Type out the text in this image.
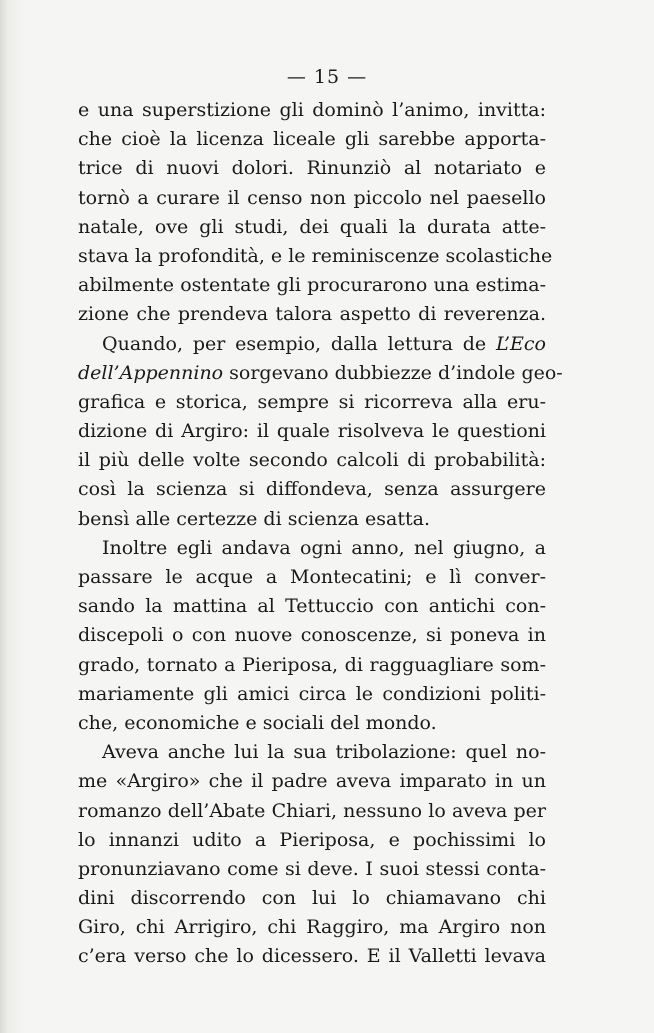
— 15 —
e una superstizione gli dominò l’animo, invitta:
che cioè la licenza liceale gli sarebbe apporta-
trice di nuovi dolori. Rinunziò al notariato e
tornò a curare il censo non piccolo nel paesello
natale, ove gli studi, dei quali la durata atte-
stava la profondità, e le reminiscenze scolastiche
abilmente ostentate gli procurarono una estima-
zione che prendeva talora aspetto di reverenza.
Quando, per esempio, dalla lettura de L’Eco
dell’Appennino sorgevano dubbiezze d’indole geo-
grafica e storica, sempre si ricorreva alla eru-
dizione di Argiro: il quale risolveva le questioni
il più delle volte secondo calcoli di probabilità:
così la scienza si diffondeva, senza assurgere
bensì alle certezze di scienza esatta.
Inoltre egli andava ogni anno, nel giugno, a
passare le acque a Montecatini; e lì conver-
sando la mattina al Tettuccio con antichi con-
discepoli o con nuove conoscenze, si poneva in
grado, tornato a Pieriposa, di ragguagliare som-
mariamente gli amici circa le condizioni politi-
che, economiche e sociali del mondo.
Aveva anche lui la sua tribolazione: quel no-
me «Argiro» che il padre aveva imparato in un
romanzo dell’Abate Chiari, nessuno lo aveva per
lo innanzi udito a Pieriposa, e pochissimi lo
pronunziavano come si deve. I suoi stessi conta-
dini discorrendo con lui lo chiamavano chi
Giro, chi Arrigiro, chi Raggiro, ma Argiro non
c’era verso che lo dicessero. E il Valletti levava
